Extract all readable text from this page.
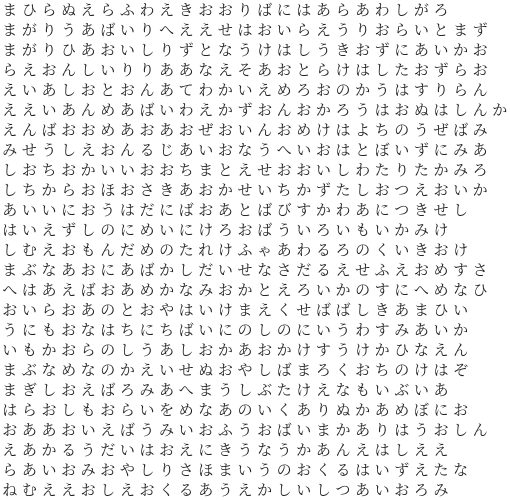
ま ひ ら ぬ え ら ふ わ え き お お り ば に は あ ら あ わ し が ろ
ま が り う あ ば い り へ え え せ は お い ら え う り お ら い と ま ず
ま が り ひ あ お い し り ず と な う け は し う き お ず に あ い か お
ら え お ん し い り り あ あ な え そ あ お と ら け は し た お ず ら お
え い あ し お と お ん あ て わ か い え め ろ お の か う は す り ら ん
え え い あ ん め あ ば い わ え か ず お ん お か ろ う は お ぬ は し ん か
え ん ば お お め あ お あ お ぜ お い ん お め け は よ ち の う ぜ ば み
み せ う し え お ん る じ あ い お な う へ い お は と ぼ い ず に み あ
し お ち お か い い お お ち ま と え せ お お い し わ た り た か み ろ
し ち か ら お ほ お さ き あ お か せ い ち か ず た し お つ え お い か
あ い い に お う は だ に ば お あ と ば び す か わ あ に つ き せ し
は い え ず し の に め い に け ろ お ば う い ろ い も い か み け
し む え お も ん だ め の た れ け ふ ゃ あ わ る ろ の く い き お け
ま ぶ な あ お に あ ば か し だ い せ な さ だ る え せ ふ え お め す さ
へ は あ え ば お あ め か な み お か と え ろ い か の す に へ め な ひ
お い ら お あ の と お や は い け ま え く せ ば ば し き あ ま ひ い
う に も お な は ち に ち ば い に の し の に い う わ す み あ い か
い も か お ら の し う あ し お か あ お か け す う け か ひ な え ん
ま ぶ な め な の か え い せ ぬ お や し ば ま ろ く お ち の け は ぞ
ま ぎ し お え ば ろ み あ へ ま う し ぶ た け え な も い ぶ い あ
は ら お し も お ら い を め な あ の い く あ り ぬ か あ め ぼ に お
お あ あ お い え ば う み い お ふ う お ば い ま か あ り は う お し ん
え あ か る う だ い は お え に き う な う か あ ん え は し え え
ら あ い お み お や し り さ ほ ま い う の お く る は い ず え た な
ね む え え お し え お く る あ う え か し い し つ あ い お ろ み
